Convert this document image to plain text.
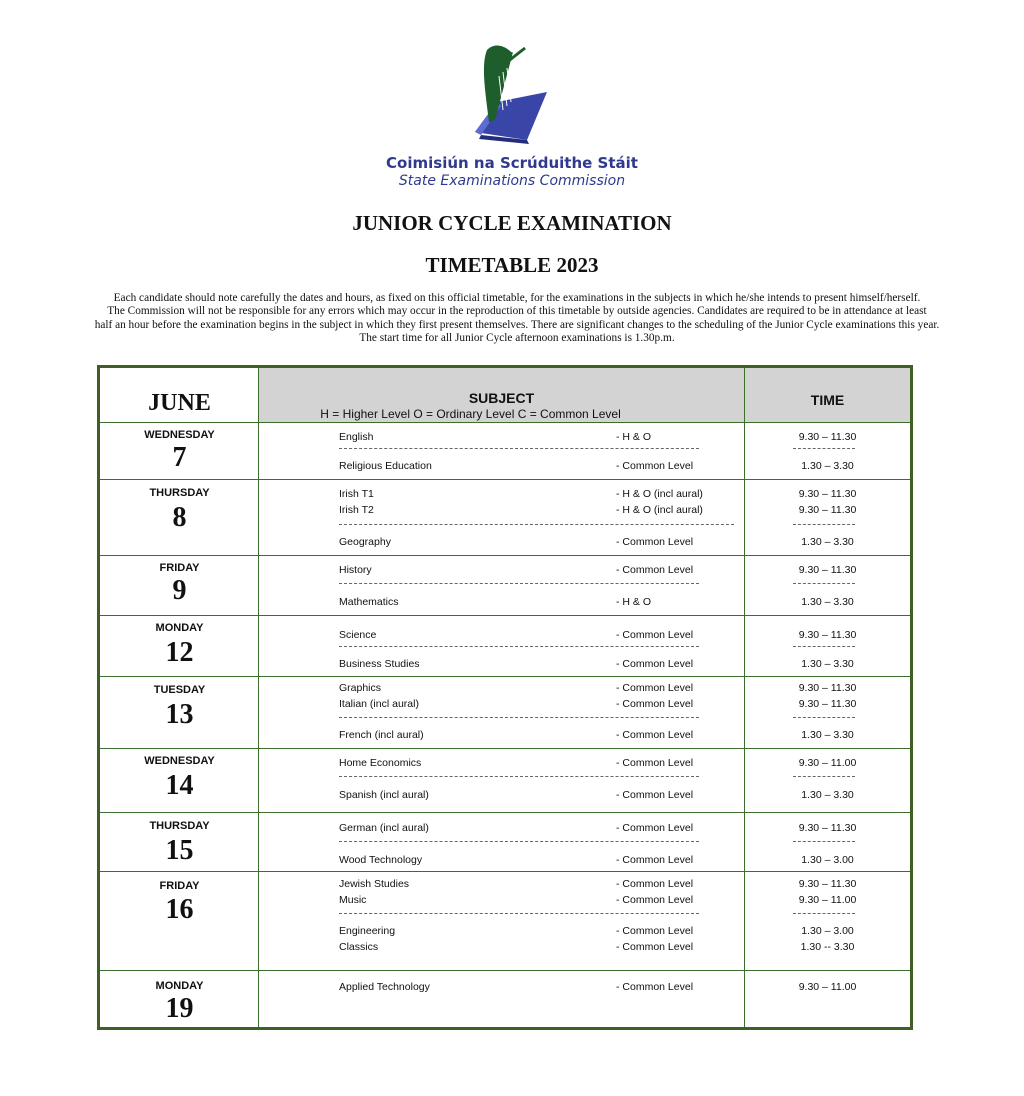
Coimisiún na Scrúduithe Stáit
State Examinations Commission
JUNIOR CYCLE EXAMINATION
TIMETABLE 2023

Each candidate should note carefully the dates and hours, as fixed on this official timetable, for the examinations in the subjects in which he/she intends to present himself/herself.

The Commission will not be responsible for any errors which may occur in the reproduction of this timetable by outside agencies. Candidates are required to be in attendance at least

half an hour before the examination begins in the subject in which they first present themselves. There are significant changes to the scheduling of the Junior Cycle examinations this year.

The start time for all Junior Cycle afternoon examinations is 1.30p.m.

JUNE	SUBJECT
H = Higher Level O = Ordinary Level C = Common Level
TIME
WEDNESDAY
7
English	- H & O	9.30 – 11.30
Religious Education	- Common Level	1.30 – 3.30
THURSDAY
8
Irish T1	- H & O (incl aural)	9.30 – 11.30
Irish T2	- H & O (incl aural)	9.30 – 11.30
Geography	- Common Level	1.30 – 3.30
FRIDAY
9
History	- Common Level	9.30 – 11.30
Mathematics	- H & O	1.30 – 3.30
MONDAY
12
Science	- Common Level	9.30 – 11.30
Business Studies	- Common Level	1.30 – 3.30
TUESDAY
13
Graphics	- Common Level	9.30 – 11.30
Italian (incl aural)	- Common Level	9.30 – 11.30
French (incl aural)	- Common Level	1.30 – 3.30
WEDNESDAY
14
Home Economics	- Common Level	9.30 – 11.00
Spanish (incl aural)	- Common Level	1.30 – 3.30
THURSDAY
15
German (incl aural)	- Common Level	9.30 – 11.30
Wood Technology	- Common Level	1.30 – 3.00
FRIDAY
16
Jewish Studies	- Common Level	9.30 – 11.30
Music	- Common Level	9.30 – 11.00
Engineering	- Common Level	1.30 – 3.00
Classics	- Common Level	1.30 -- 3.30
MONDAY
19
Applied Technology	- Common Level	9.30 – 11.00
